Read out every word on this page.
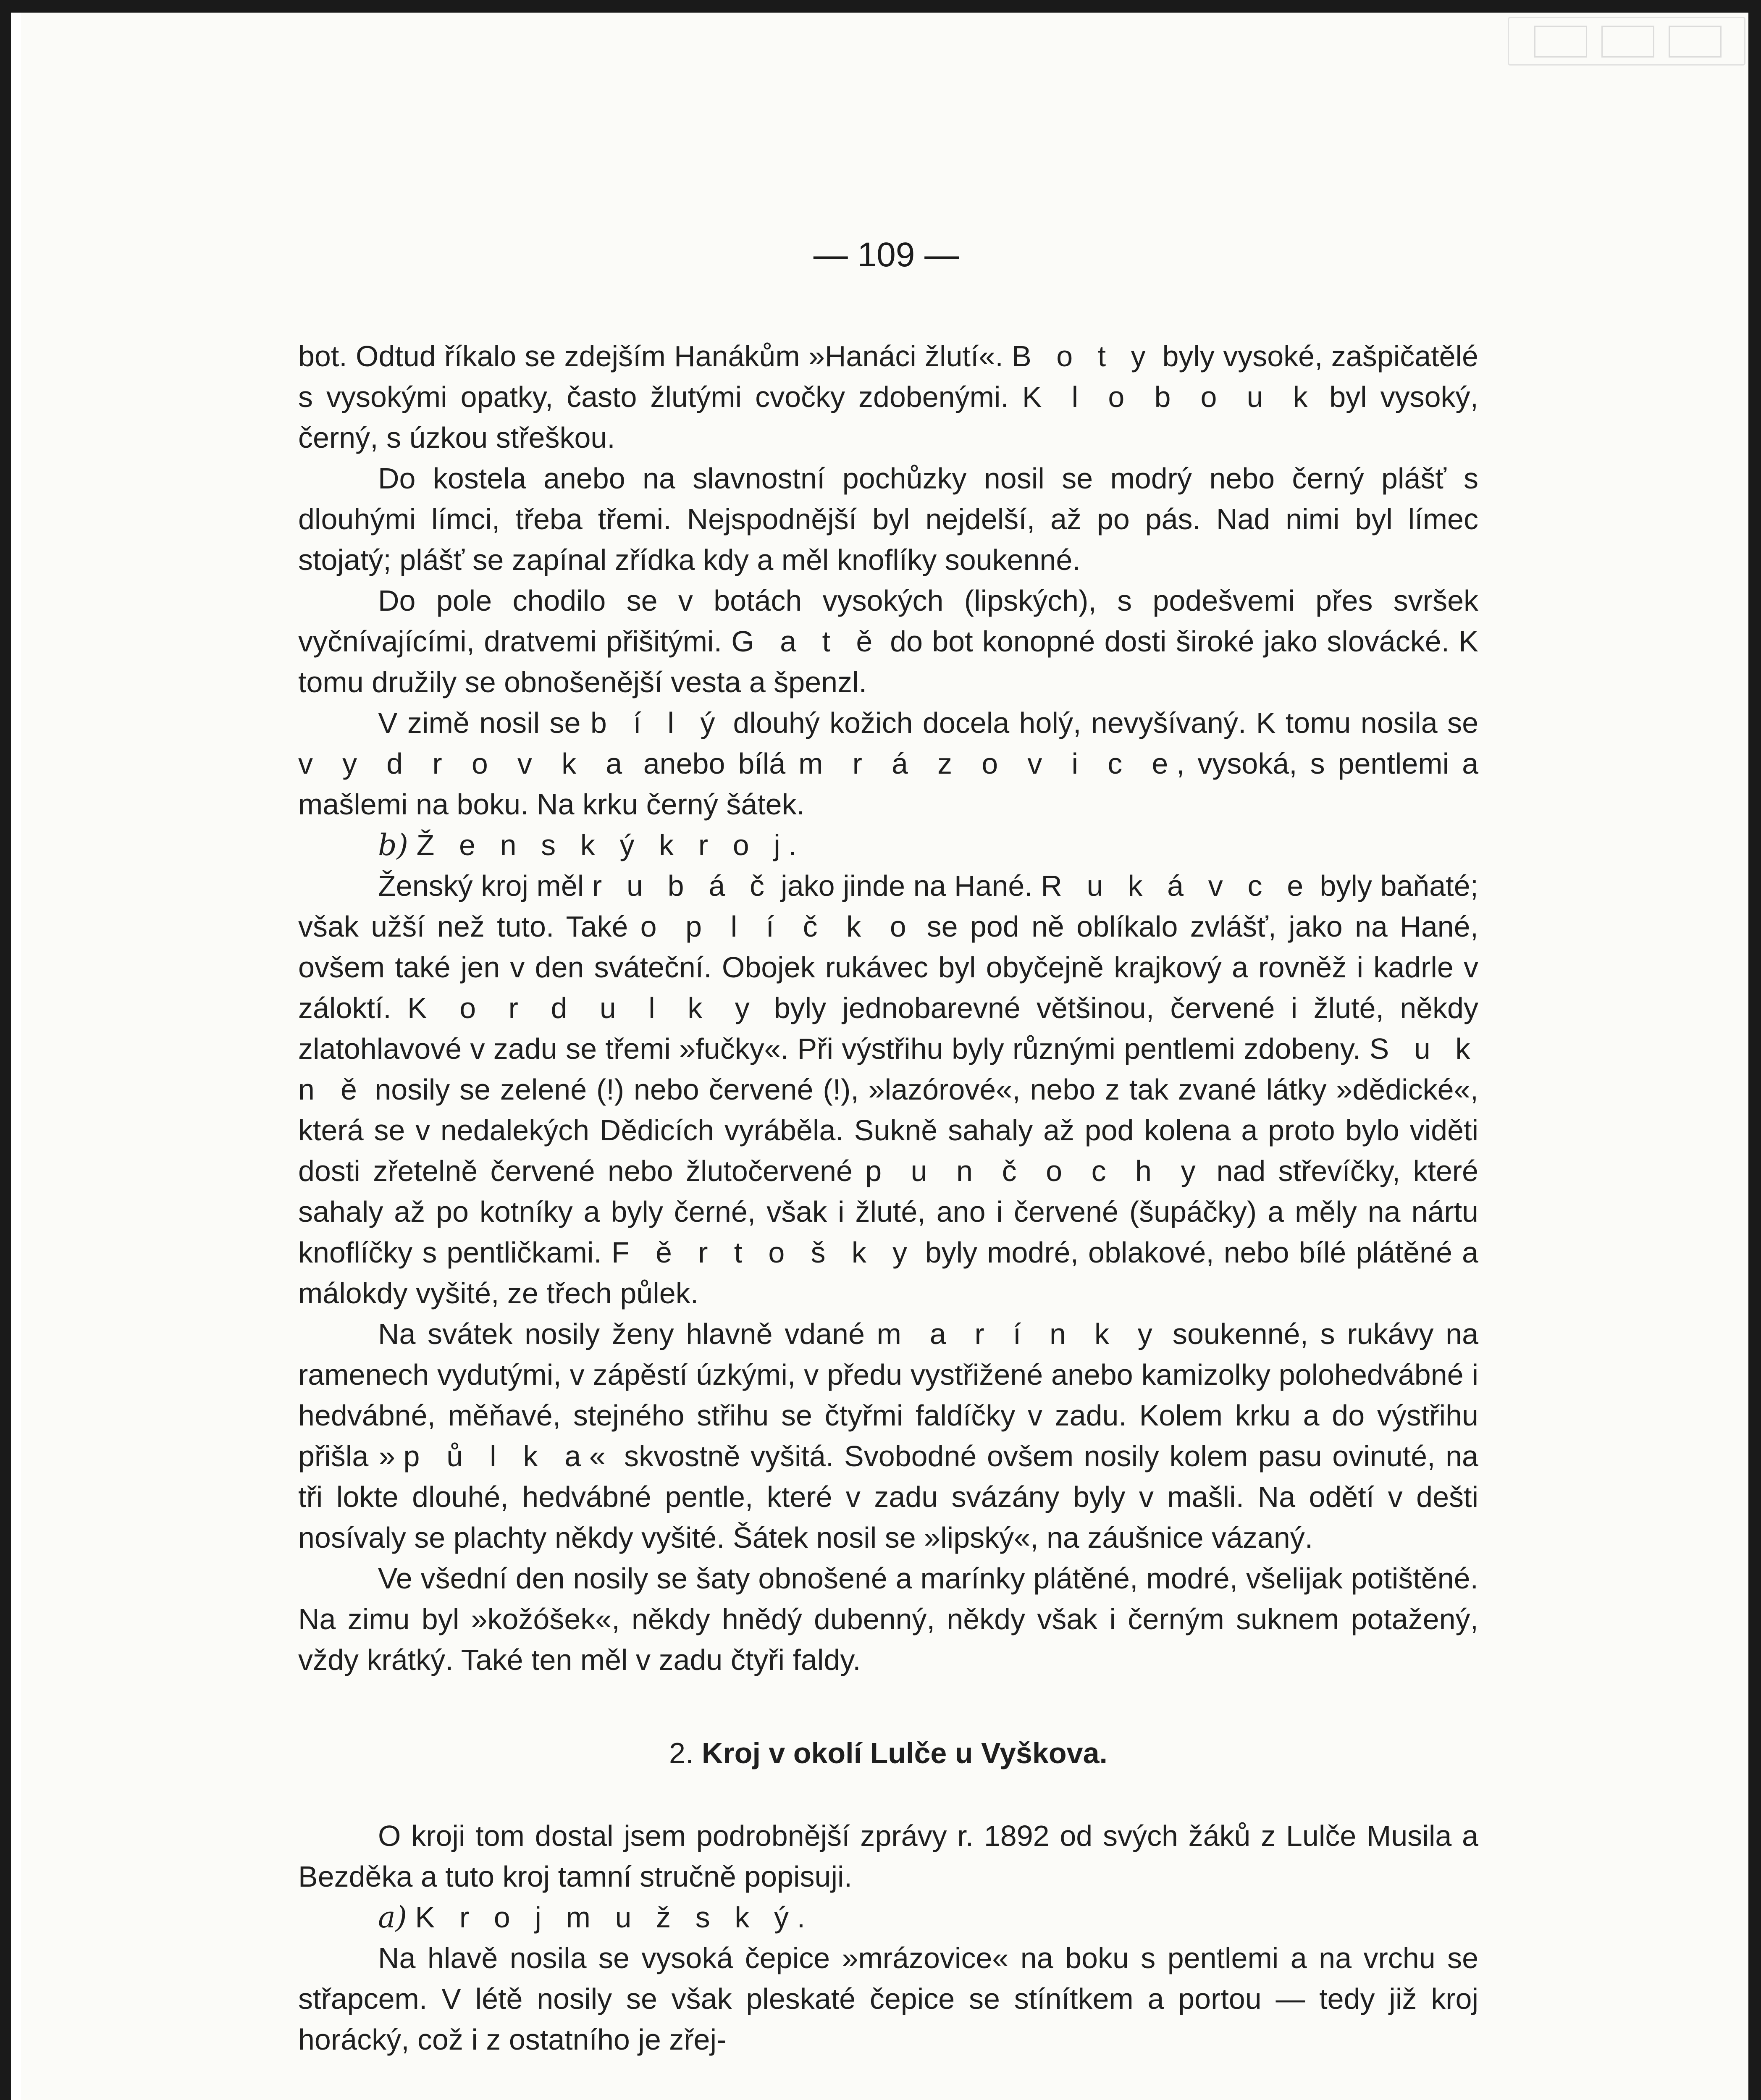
— 109 —

bot. Odtud říkalo se zdejším Hanákům »Hanáci žlutí«. B o t y byly vysoké, zašpičatělé s vysokými opatky, často žlutými cvočky zdobenými. K l o b o u k byl vysoký, černý, s úzkou střeškou.

Do kostela anebo na slavnostní pochůzky nosil se modrý nebo černý plášť s dlouhými límci, třeba třemi. Nejspodnější byl nejdelší, až po pás. Nad nimi byl límec stojatý; plášť se zapínal zřídka kdy a měl knoflíky soukenné.

Do pole chodilo se v botách vysokých (lipských), s podešvemi přes svršek vyčnívajícími, dratvemi přišitými. G a t ě do bot konopné dosti široké jako slovácké. K tomu družily se obnošenější vesta a špenzl.

V zimě nosil se b í l ý dlouhý kožich docela holý, nevyšívaný. K tomu nosila se v y d r o v k a anebo bílá m r á z o v i c e, vysoká, s pentlemi a mašlemi na boku. Na krku černý šátek.

b) Ž e n s k ý k r o j.

Ženský kroj měl r u b á č jako jinde na Hané. R u k á v c e byly baňaté; však užší než tuto. Také o p l í č k o se pod ně oblíkalo zvlášť, jako na Hané, ovšem také jen v den sváteční. Obojek rukávec byl obyčejně krajkový a rovněž i kadrle v záloktí. K o r d u l k y byly jednobarevné většinou, červené i žluté, někdy zlatohlavové v zadu se třemi »fučky«. Při výstřihu byly různými pentlemi zdobeny. S u k n ě nosily se zelené (!) nebo červené (!), »lazórové«, nebo z tak zvané látky »dědické«, která se v nedalekých Dědicích vyráběla. Sukně sahaly až pod kolena a proto bylo viděti dosti zřetelně červené nebo žlutočervené p u n č o c h y nad střevíčky, které sahaly až po kotníky a byly černé, však i žluté, ano i červené (šupáčky) a měly na nártu knoflíčky s pentličkami. F ě r t o š k y byly modré, oblakové, nebo bílé plátěné a málokdy vyšité, ze třech půlek.

Na svátek nosily ženy hlavně vdané m a r í n k y soukenné, s rukávy na ramenech vydutými, v zápěstí úzkými, v předu vystřižené anebo kamizolky polohedvábné i hedvábné, měňavé, stejného střihu se čtyřmi faldíčky v zadu. Kolem krku a do výstřihu přišla »p ů l k a« skvostně vyšitá. Svobodné ovšem nosily kolem pasu ovinuté, na tři lokte dlouhé, hedvábné pentle, které v zadu svázány byly v mašli. Na odětí v dešti nosívaly se plachty někdy vyšité. Šátek nosil se »lipský«, na záušnice vázaný.

Ve všední den nosily se šaty obnošené a marínky plátěné, modré, všelijak potištěné. Na zimu byl »kožóšek«, někdy hnědý dubenný, někdy však i černým suknem potažený, vždy krátký. Také ten měl v zadu čtyři faldy.

2. Kroj v okolí Lulče u Vyškova.

O kroji tom dostal jsem podrobnější zprávy r. 1892 od svých žáků z Lulče Musila a Bezděka a tuto kroj tamní stručně popisuji.

a) K r o j m u ž s k ý.

Na hlavě nosila se vysoká čepice »mrázovice« na boku s pentlemi a na vrchu se střapcem. V létě nosily se však pleskaté čepice se stínítkem a portou — tedy již kroj horácký, což i z ostatního je zřej-
